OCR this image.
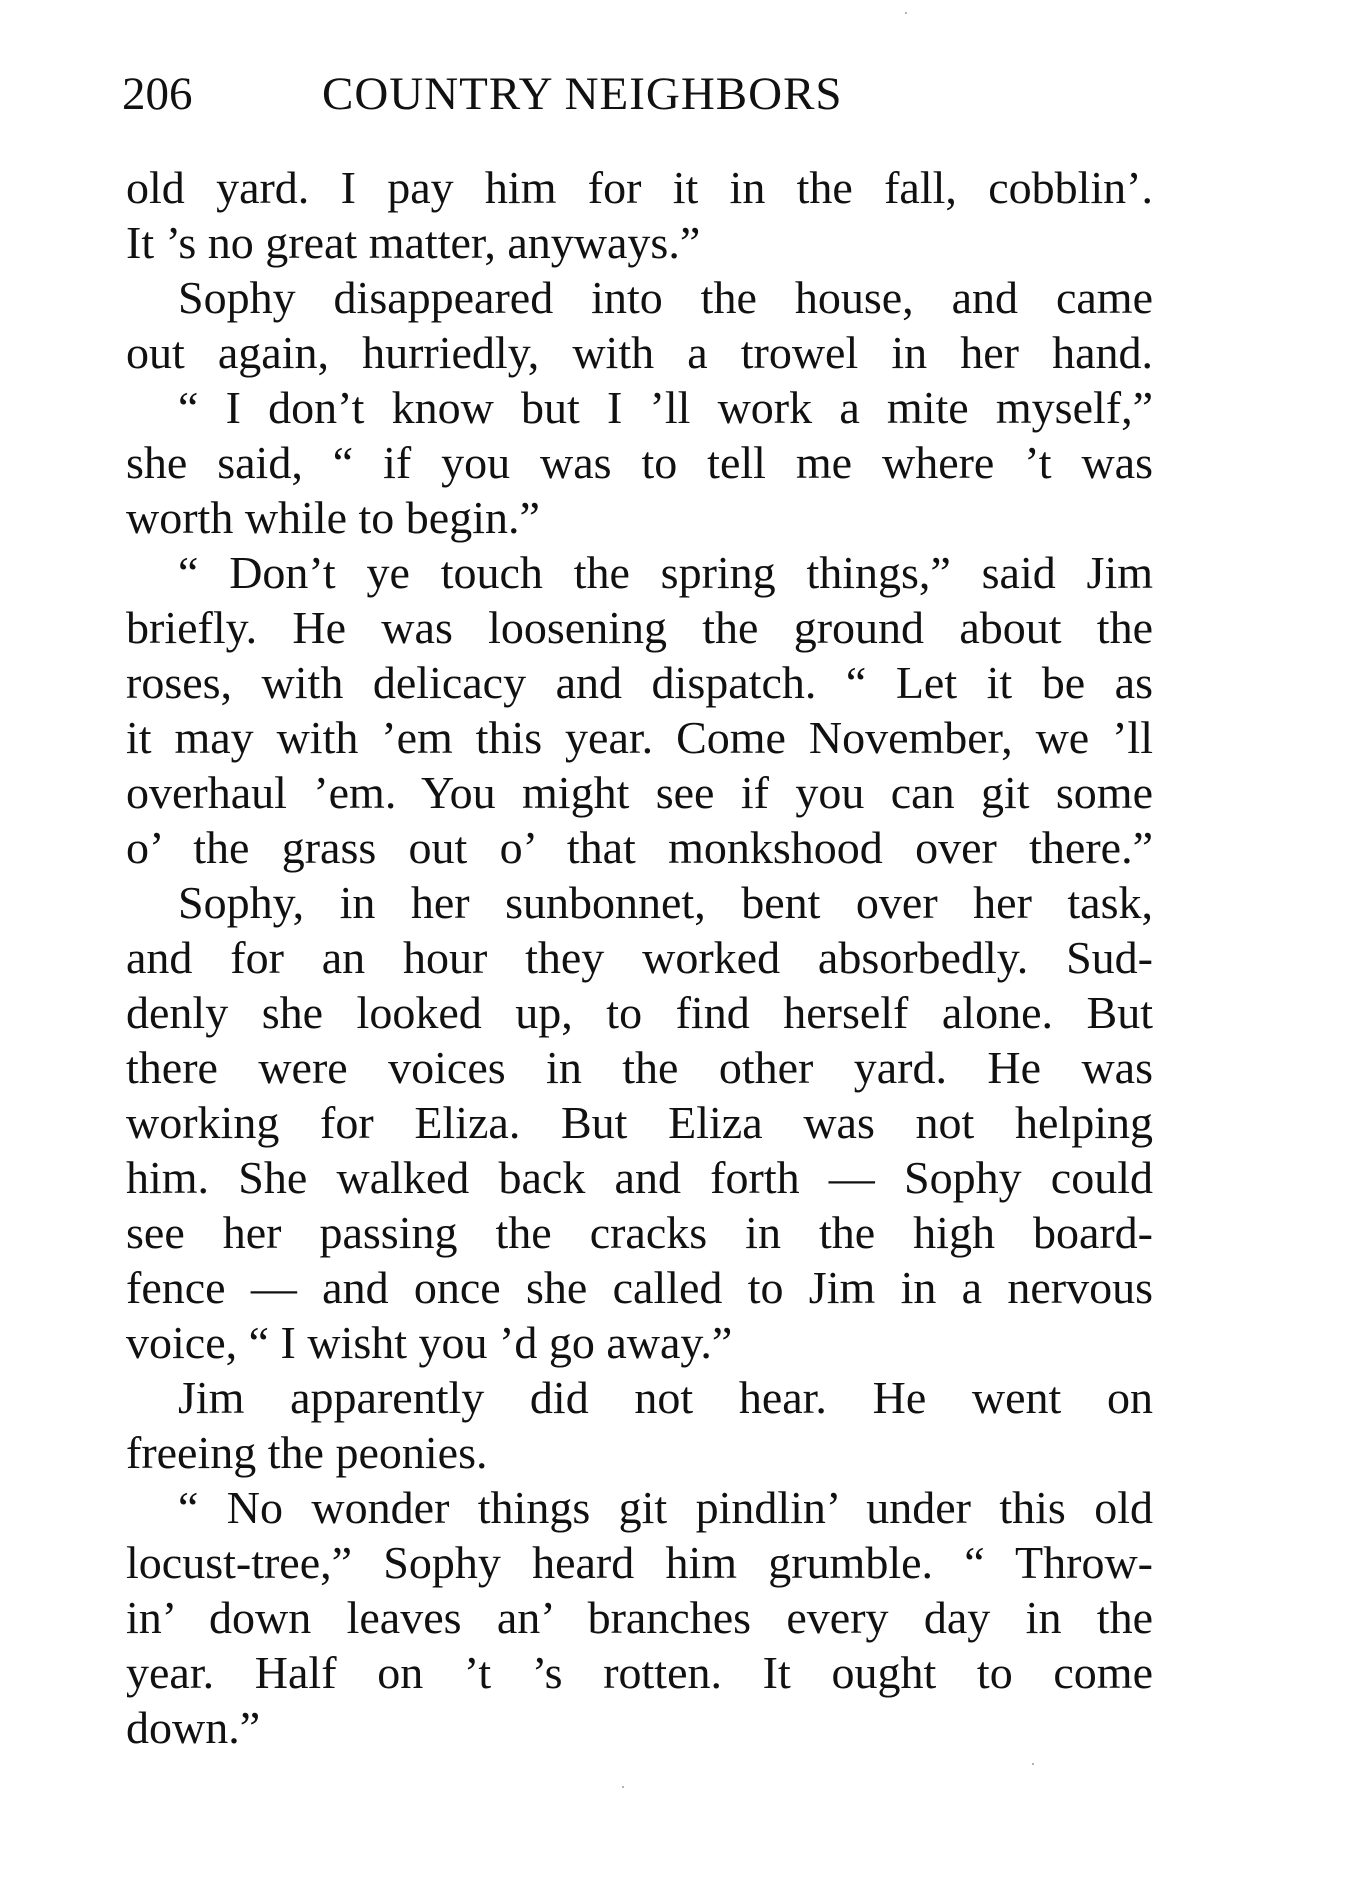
206	COUNTRY NEIGHBORS
old yard. I pay him for it in the fall, cobblin’.
It ’s no great matter, anyways.”
Sophy disappeared into the house, and came
out again, hurriedly, with a trowel in her hand.
“ I don’t know but I ’ll work a mite myself,”
she said, “ if you was to tell me where ’t was
worth while to begin.”
“ Don’t ye touch the spring things,” said Jim
briefly. He was loosening the ground about the
roses, with delicacy and dispatch. “ Let it be as
it may with ’em this year. Come November, we ’ll
overhaul ’em. You might see if you can git some
o’ the grass out o’ that monkshood over there.”
Sophy, in her sunbonnet, bent over her task,
and for an hour they worked absorbedly. Sud-
denly she looked up, to find herself alone. But
there were voices in the other yard. He was
working for Eliza. But Eliza was not helping
him. She walked back and forth — Sophy could
see her passing the cracks in the high board-
fence — and once she called to Jim in a nervous
voice, “ I wisht you ’d go away.”
Jim apparently did not hear. He went on
freeing the peonies.
“ No wonder things git pindlin’ under this old
locust-tree,” Sophy heard him grumble. “ Throw-
in’ down leaves an’ branches every day in the
year. Half on ’t ’s rotten. It ought to come
down.”
